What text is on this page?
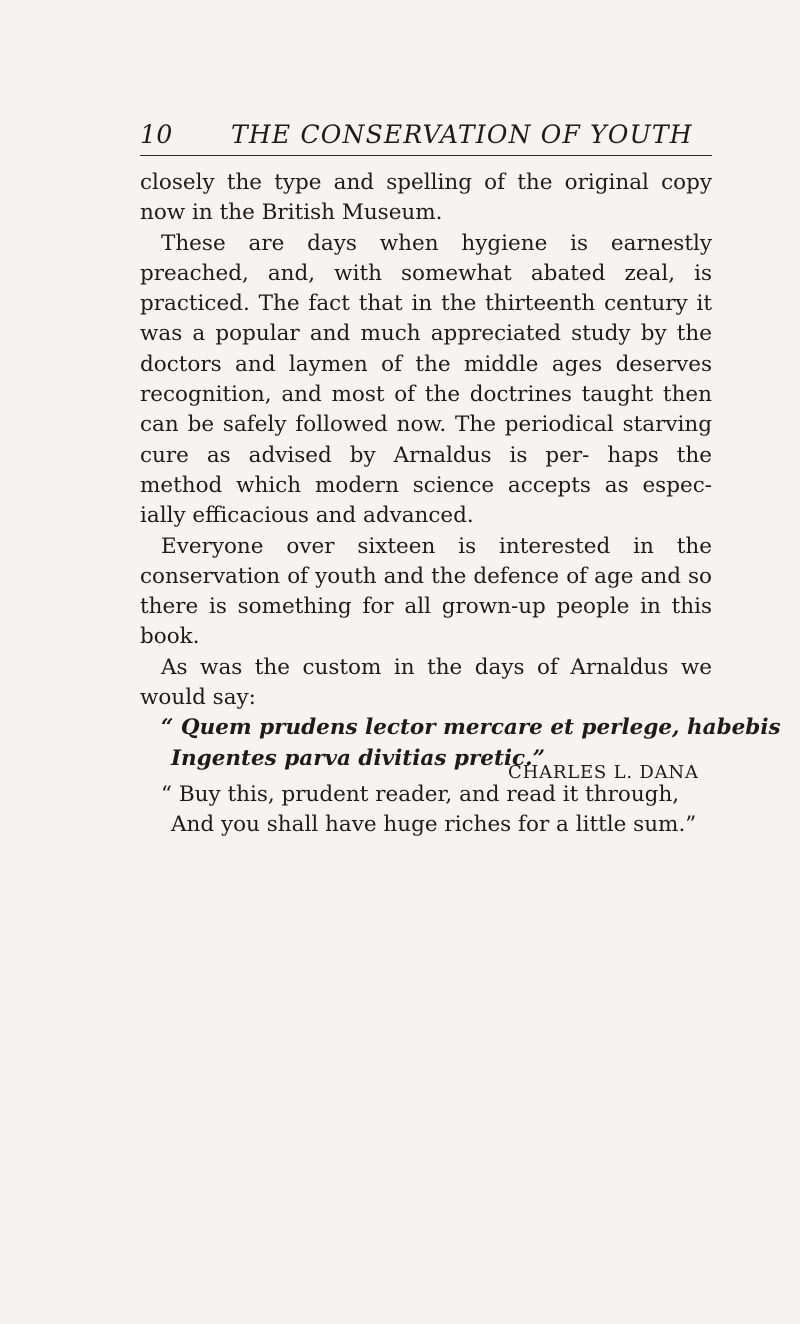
10 THE CONSERVATION OF YOUTH

closely the type and spelling of the original copy now in the British Museum.

These are days when hygiene is earnestly preached, and, with somewhat abated zeal, is practiced. The fact that in the thirteenth century it was a popular and much appreciated study by the doctors and laymen of the middle ages deserves recognition, and most of the doctrines taught then can be safely followed now. The periodical starving cure as advised by Arnaldus is per- haps the method which modern science accepts as espec- ially efficacious and advanced.

Everyone over sixteen is interested in the conservation of youth and the defence of age and so there is something for all grown-up people in this book.

As was the custom in the days of Arnaldus we would say:

“ Quem prudens lector mercare et perlege, habebis
Ingentes parva divitias pretic.”
“ Buy this, prudent reader, and read it through,
And you shall have huge riches for a little sum.”
CHARLES L. DANA
